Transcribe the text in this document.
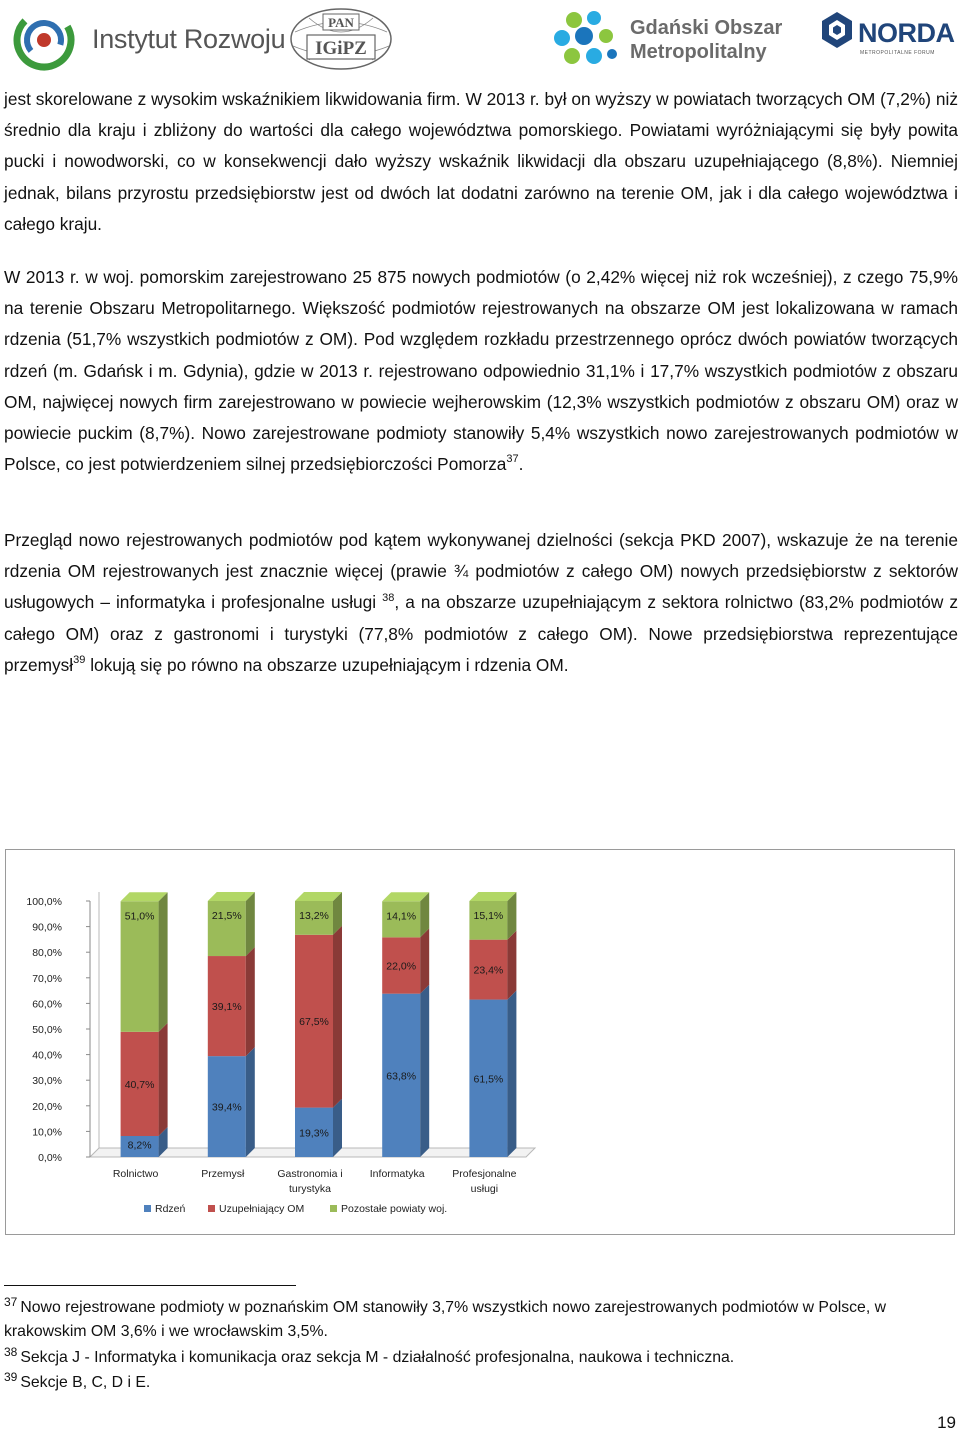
Instytut Rozwoju
PAN
IGiPZ
Gdański Obszar
Metropolitalny
NORDA
METROPOLITALNE FORUM

jest skorelowane z wysokim wskaźnikiem likwidowania firm. W 2013 r. był on wyższy w powiatach tworzących OM (7,2%) niż średnio dla kraju i zbliżony do wartości dla całego województwa pomorskiego. Powiatami wyróżniającymi się były powita pucki i nowodworski, co w konsekwencji dało wyższy wskaźnik likwidacji dla obszaru uzupełniającego (8,8%). Niemniej jednak, bilans przyrostu przedsiębiorstw jest od dwóch lat dodatni zarówno na terenie OM, jak i dla całego województwa i całego kraju.

W 2013 r. w woj. pomorskim zarejestrowano 25 875 nowych podmiotów (o 2,42% więcej niż rok wcześniej), z czego 75,9% na terenie Obszaru Metropolitarnego. Większość podmiotów rejestrowanych na obszarze OM jest lokalizowana w ramach rdzenia (51,7% wszystkich podmiotów z OM). Pod względem rozkładu przestrzennego oprócz dwóch powiatów tworzących rdzeń (m. Gdańsk i m. Gdynia), gdzie w 2013 r. rejestrowano odpowiednio 31,1% i 17,7% wszystkich podmiotów z obszaru OM, najwięcej nowych firm zarejestrowano w powiecie wejherowskim (12,3% wszystkich podmiotów z obszaru OM) oraz w powiecie puckim (8,7%). Nowo zarejestrowane podmioty stanowiły 5,4% wszystkich nowo zarejestrowanych podmiotów w Polsce, co jest potwierdzeniem silnej przedsiębiorczości Pomorza$^{37}$.

Przegląd nowo rejestrowanych podmiotów pod kątem wykonywanej dzielności (sekcja PKD 2007), wskazuje że na terenie rdzenia OM rejestrowanych jest znacznie więcej (prawie ¾ podmiotów z całego OM) nowych przedsiębiorstw z sektorów usługowych – informatyka i profesjonalne usługi $^{38}$, a na obszarze uzupełniającym z sektora rolnictwo (83,2% podmiotów z całego OM) oraz z gastronomi i turystyki (77,8% podmiotów z całego OM). Nowe przedsiębiorstwa reprezentujące przemysł$^{39}$ lokują się po równo na obszarze uzupełniającym i rdzenia OM.

0,0%
10,0%
20,0%
30,0%
40,0%
50,0%
60,0%
70,0%
80,0%
90,0%
100,0%
8,2%
40,7%
51,0%
Rolnictwo
39,4%
39,1%
21,5%
Przemysł
19,3%
67,5%
13,2%
Gastronomia i
turystyka
63,8%
22,0%
14,1%
Informatyka
61,5%
23,4%
15,1%
Profesjonalne
usługi
Rdzeń	Uzupełniający OM	Pozostałe powiaty woj.

$^{37}$ Nowo rejestrowane podmioty w poznańskim OM stanowiły 3,7% wszystkich nowo zarejestrowanych podmiotów w Polsce, w krakowskim OM 3,6% i we wrocławskim 3,5%.

$^{38}$ Sekcja J - Informatyka i komunikacja oraz sekcja M - działalność profesjonalna, naukowa i techniczna.

$^{39}$ Sekcje B, C, D i E.

19
